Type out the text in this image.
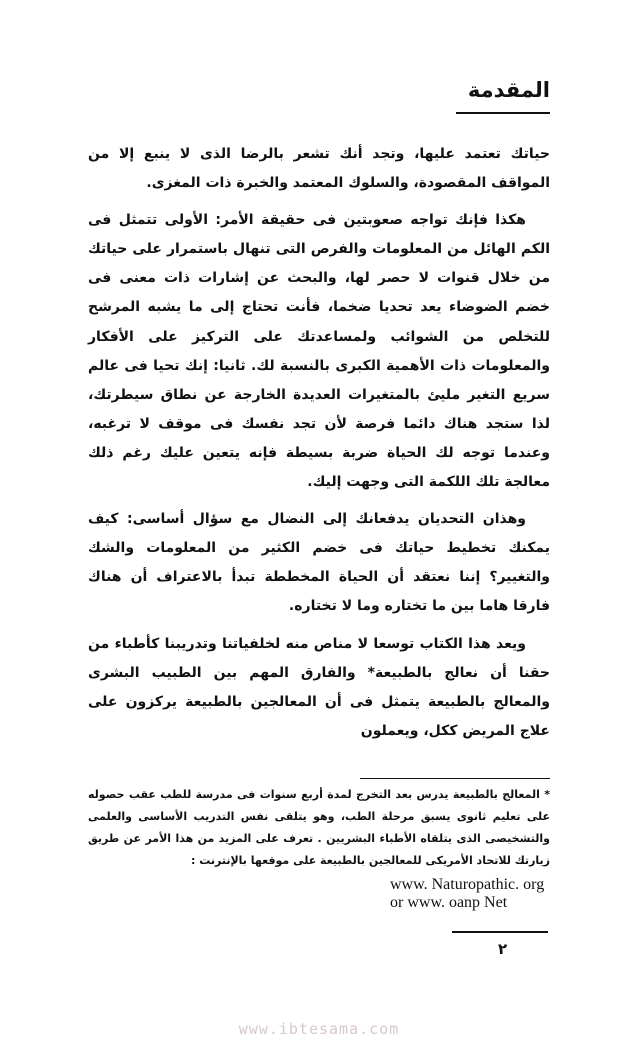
المقدمة

حياتك تعتمد عليها، وتجد أنك تشعر بالرضا الذى لا ينبع إلا من المواقف المقصودة، والسلوك المعتمد والخبرة ذات المغزى.

هكذا فإنك تواجه صعوبتين فى حقيقة الأمر: الأولى تتمثل فى الكم الهائل من المعلومات والفرص التى تنهال باستمرار على حياتك من خلال قنوات لا حصر لها، والبحث عن إشارات ذات معنى فى خضم الضوضاء يعد تحديا ضخما، فأنت تحتاج إلى ما يشبه المرشح للتخلص من الشوائب ولمساعدتك على التركيز على الأفكار والمعلومات ذات الأهمية الكبرى بالنسبة لك. ثانيا: إنك تحيا فى عالم سريع التغير مليئ بالمتغيرات العديدة الخارجة عن نطاق سيطرتك، لذا ستجد هناك دائما فرصة لأن تجد نفسك فى موقف لا ترغبه، وعندما توجه لك الحياة ضربة بسيطة فإنه يتعين عليك رغم ذلك معالجة تلك اللكمة التى وجهت إليك.

وهذان التحديان يدفعانك إلى النضال مع سؤال أساسى: كيف يمكنك تخطيط حياتك فى خضم الكثير من المعلومات والشك والتغيير؟ إننا نعتقد أن الحياة المخططة تبدأ بالاعتراف أن هناك فارقا هاما بين ما تختاره وما لا تختاره.

ويعد هذا الكتاب توسعا لا مناص منه لخلفياتنا وتدريبنا كأطباء من حقنا أن نعالج بالطبيعة* والفارق المهم بين الطبيب البشرى والمعالج بالطبيعة يتمثل فى أن المعالجين بالطبيعة يركزون على علاج المريض ككل، ويعملون

* المعالج بالطبيعة يدرس بعد التخرج لمدة أربع سنوات فى مدرسة للطب عقب حصوله على تعليم ثانوى يسبق مرحلة الطب، وهو يتلقى نفس التدريب الأساسى والعلمى والتشخيصى الذى يتلقاه الأطباء البشريين . تعرف على المزيد من هذا الأمر عن طريق زيارتك للاتحاد الأمريكى للمعالجين بالطبيعة على موقعها بالإنترنت :

www. Naturopathic. org
or www. oanp Net
٢
www.ibtesama.com
